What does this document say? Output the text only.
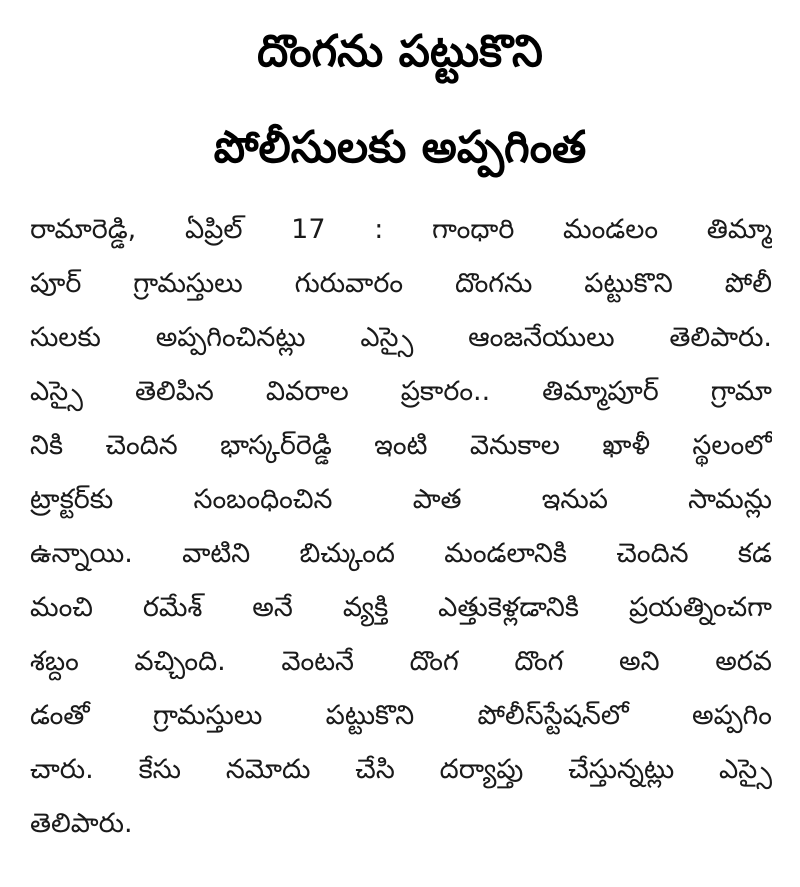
దొంగను పట్టుకొని
పోలీసులకు అప్పగింత
రామారెడ్డి, ఏప్రిల్ 17 : గాంధారి మండలం తిమ్మా
పూర్ గ్రామస్తులు గురువారం దొంగను పట్టుకొని పోలీ
సులకు అప్పగించినట్లు ఎస్సై ఆంజనేయులు తెలిపారు.
ఎస్సై తెలిపిన వివరాల ప్రకారం.. తిమ్మాపూర్ గ్రామా
నికి చెందిన భాస్కర్‌రెడ్డి ఇంటి వెనుకాల ఖాళీ స్థలంలో
ట్రాక్టర్‌కు సంబంధించిన పాత ఇనుప సామన్లు
ఉన్నాయి. వాటిని బిచ్కుంద మండలానికి చెందిన కడ
మంచి రమేశ్ అనే వ్యక్తి ఎత్తుకెళ్లడానికి ప్రయత్నించగా
శబ్దం వచ్చింది. వెంటనే దొంగ దొంగ అని అరవ
డంతో గ్రామస్తులు పట్టుకొని పోలీస్‌స్టేషన్‌లో అప్పగిం
చారు. కేసు నమోదు చేసి దర్యాప్తు చేస్తున్నట్లు ఎస్సై
తెలిపారు.
